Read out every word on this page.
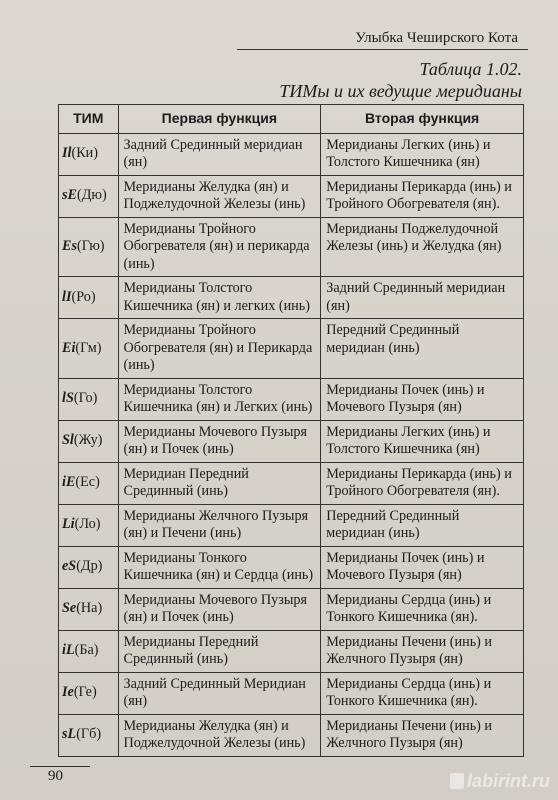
Улыбка Чеширского Кота
Таблица 1.02.
ТИМы и их ведущие меридианы
ТИМ	Первая функция	Вторая функция
Il(Ки)	Задний Срединный меридиан (ян)	Меридианы Легких (инь) и Толстого Кишечника (ян)
sE(Дю)	Меридианы Желудка (ян) и Поджелудочной Железы (инь)	Меридианы Перикарда (инь) и Тройного Обогревателя (ян).
Es(Гю)	Меридианы Тройного Обогревателя (ян) и перикарда (инь)	Меридианы Поджелудочной Железы (инь) и Желудка (ян)
lI(Ро)	Меридианы Толстого Кишечника (ян) и легких (инь)	Задний Срединный меридиан (ян)
Ei(Гм)	Меридианы Тройного Обогревателя (ян) и Перикарда (инь)	Передний Срединный меридиан (инь)
lS(Го)	Меридианы Толстого Кишечника (ян) и Легких (инь)	Меридианы Почек (инь) и Мочевого Пузыря (ян)
Sl(Жу)	Меридианы Мочевого Пузыря (ян) и Почек (инь)	Меридианы Легких (инь) и Толстого Кишечника (ян)
iE(Ес)	Меридиан Передний Срединный (инь)	Меридианы Перикарда (инь) и Тройного Обогревателя (ян).
Li(Ло)	Меридианы Желчного Пузыря (ян) и Печени (инь)	Передний Срединный меридиан (инь)
eS(Др)	Меридианы Тонкого Кишечника (ян) и Сердца (инь)	Меридианы Почек (инь) и Мочевого Пузыря (ян)
Se(На)	Меридианы Мочевого Пузыря (ян) и Почек (инь)	Меридианы Сердца (инь) и Тонкого Кишечника (ян).
iL(Ба)	Меридианы Передний Срединный (инь)	Меридианы Печени (инь) и Желчного Пузыря (ян)
Ie(Ге)	Задний Срединный Меридиан (ян)	Меридианы Сердца (инь) и Тонкого Кишечника (ян).
sL(Гб)	Меридианы Желудка (ян) и Поджелудочной Железы (инь)	Меридианы Печени (инь) и Желчного Пузыря (ян)
90	labirint.ru
